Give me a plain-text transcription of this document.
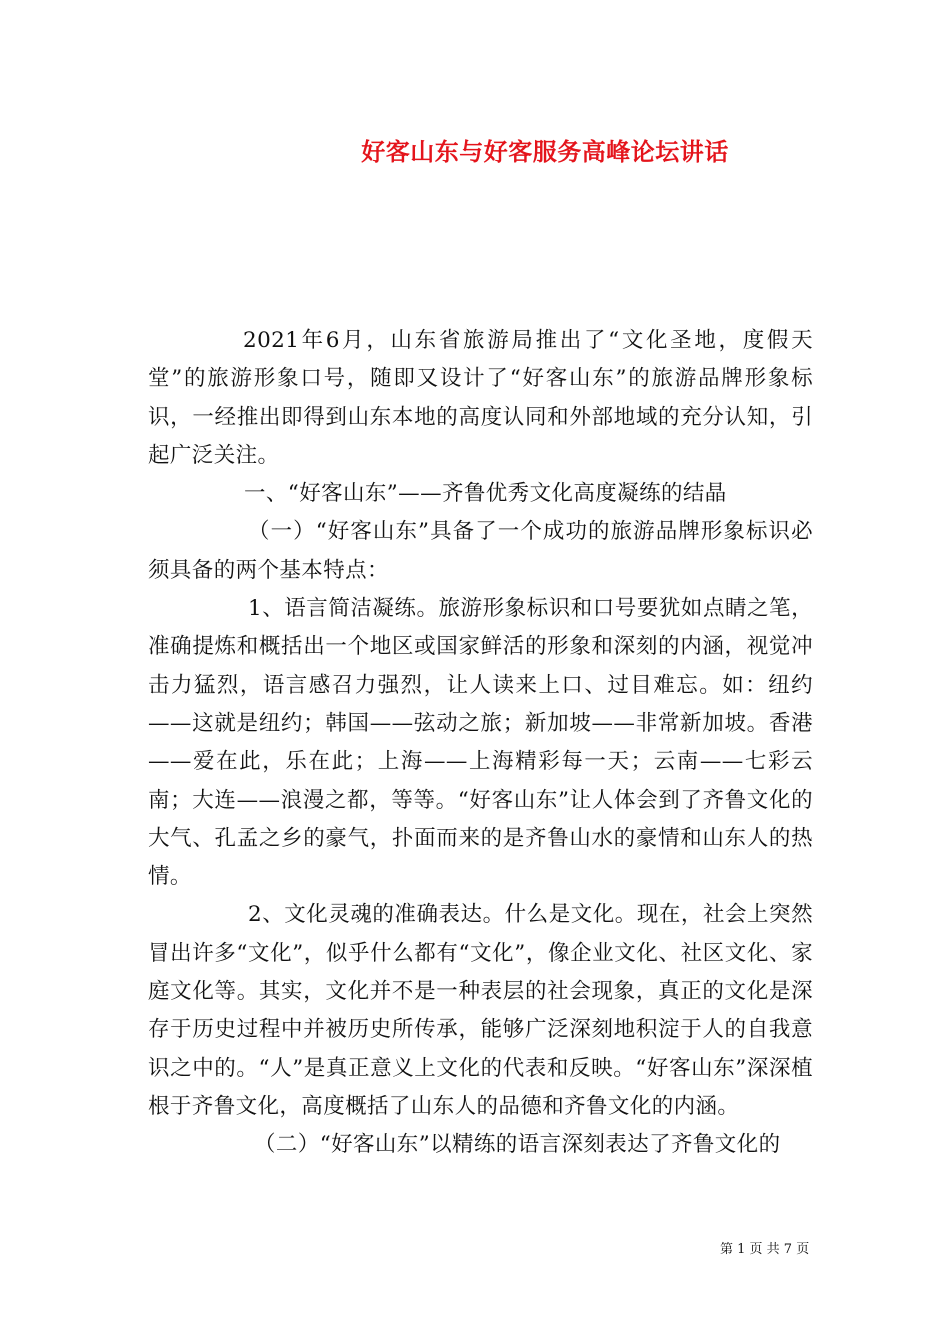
好客山东与好客服务高峰论坛讲话

2021年6月，山东省旅游局推出了“文化圣地，度假天堂”的旅游形象口号，随即又设计了“好客山东”的旅游品牌形象标识，一经推出即得到山东本地的高度认同和外部地域的充分认知，引起广泛关注。

一、“好客山东”——齐鲁优秀文化高度凝练的结晶

（一）“好客山东”具备了一个成功的旅游品牌形象标识必须具备的两个基本特点：

1、语言简洁凝练。旅游形象标识和口号要犹如点睛之笔，准确提炼和概括出一个地区或国家鲜活的形象和深刻的内涵，视觉冲击力猛烈，语言感召力强烈，让人读来上口、过目难忘。如：纽约——这就是纽约；韩国——弦动之旅；新加坡——非常新加坡。香港——爱在此，乐在此；上海——上海精彩每一天；云南——七彩云南；大连——浪漫之都，等等。“好客山东”让人体会到了齐鲁文化的大气、孔孟之乡的豪气，扑面而来的是齐鲁山水的豪情和山东人的热情。

2、文化灵魂的准确表达。什么是文化。现在，社会上突然冒出许多“文化”，似乎什么都有“文化”，像企业文化、社区文化、家庭文化等。其实，文化并不是一种表层的社会现象，真正的文化是深存于历史过程中并被历史所传承，能够广泛深刻地积淀于人的自我意识之中的。“人”是真正意义上文化的代表和反映。“好客山东”深深植根于齐鲁文化，高度概括了山东人的品德和齐鲁文化的内涵。

（二）“好客山东”以精练的语言深刻表达了齐鲁文化的

第 1 页 共 7 页
